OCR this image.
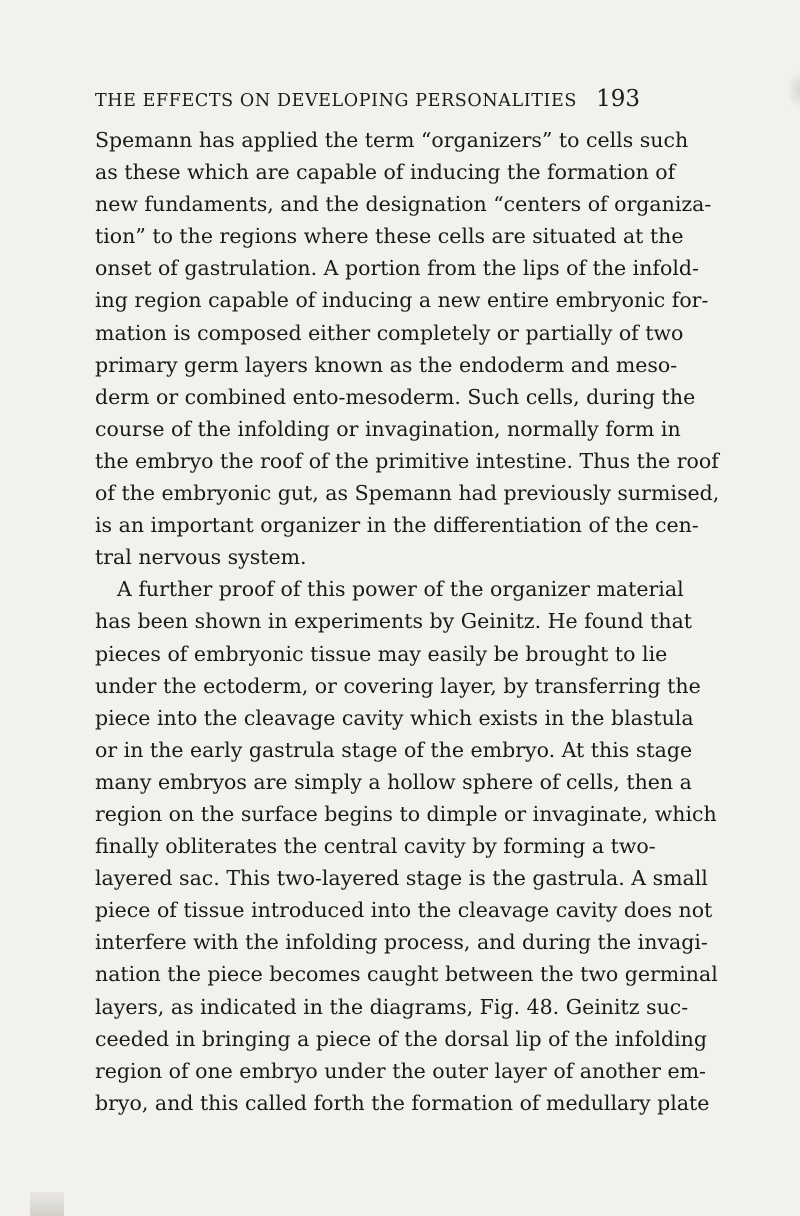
THE EFFECTS ON DEVELOPING PERSONALITIES 193
Spemann has applied the term “organizers” to cells such
as these which are capable of inducing the formation of
new fundaments, and the designation “centers of organiza-
tion” to the regions where these cells are situated at the
onset of gastrulation. A portion from the lips of the infold-
ing region capable of inducing a new entire embryonic for-
mation is composed either completely or partially of two
primary germ layers known as the endoderm and meso-
derm or combined ento-mesoderm. Such cells, during the
course of the infolding or invagination, normally form in
the embryo the roof of the primitive intestine. Thus the roof
of the embryonic gut, as Spemann had previously surmised,
is an important organizer in the differentiation of the cen-
tral nervous system.
A further proof of this power of the organizer material
has been shown in experiments by Geinitz. He found that
pieces of embryonic tissue may easily be brought to lie
under the ectoderm, or covering layer, by transferring the
piece into the cleavage cavity which exists in the blastula
or in the early gastrula stage of the embryo. At this stage
many embryos are simply a hollow sphere of cells, then a
region on the surface begins to dimple or invaginate, which
finally obliterates the central cavity by forming a two-
layered sac. This two-layered stage is the gastrula. A small
piece of tissue introduced into the cleavage cavity does not
interfere with the infolding process, and during the invagi-
nation the piece becomes caught between the two germinal
layers, as indicated in the diagrams, Fig. 48. Geinitz suc-
ceeded in bringing a piece of the dorsal lip of the infolding
region of one embryo under the outer layer of another em-
bryo, and this called forth the formation of medullary plate
